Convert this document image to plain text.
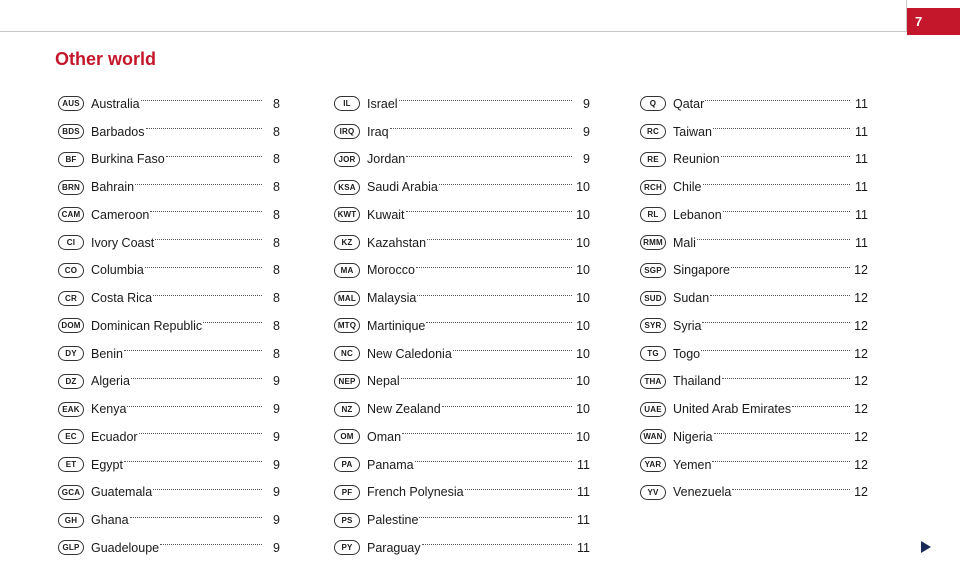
7
Other world
AUS Australia	8
BDS Barbados	8
BF	Burkina Faso	8
BRN Bahrain	8
CAM Cameroon	8
CI	Ivory Coast	8
CO	Columbia	8
CR	Costa Rica	8
DOM Dominican Republic	8
DY	Benin	8
DZ	Algeria	9
EAK Kenya	9
EC	Ecuador	9
ET	Egypt	9
GCA Guatemala	9
GH	Ghana	9
GLP Guadeloupe	9
IL	Israel	9
IRQ	Iraq	9
JOR Jordan	9
KSA Saudi Arabia	10
KWT Kuwait	10
KZ	Kazahstan	10
MA	Morocco	10
MAL Malaysia	10
MTQ Martinique	10
NC	New Caledonia	10
NEP Nepal	10
NZ	New Zealand	10
OM	Oman	10
PA	Panama	11
PF	French Polynesia	11
PS	Palestine	11
PY	Paraguay	11
Q	Qatar	11
RC	Taiwan	11
RE	Reunion	11
RCH Chile	11
RL	Lebanon	11
RMM Mali	11
SGP Singapore	12
SUD Sudan	12
SYR Syria	12
TG	Togo	12
THA Thailand	12
UAE United Arab Emirates	12
WAN Nigeria	12
YAR Yemen	12
YV	Venezuela	12
